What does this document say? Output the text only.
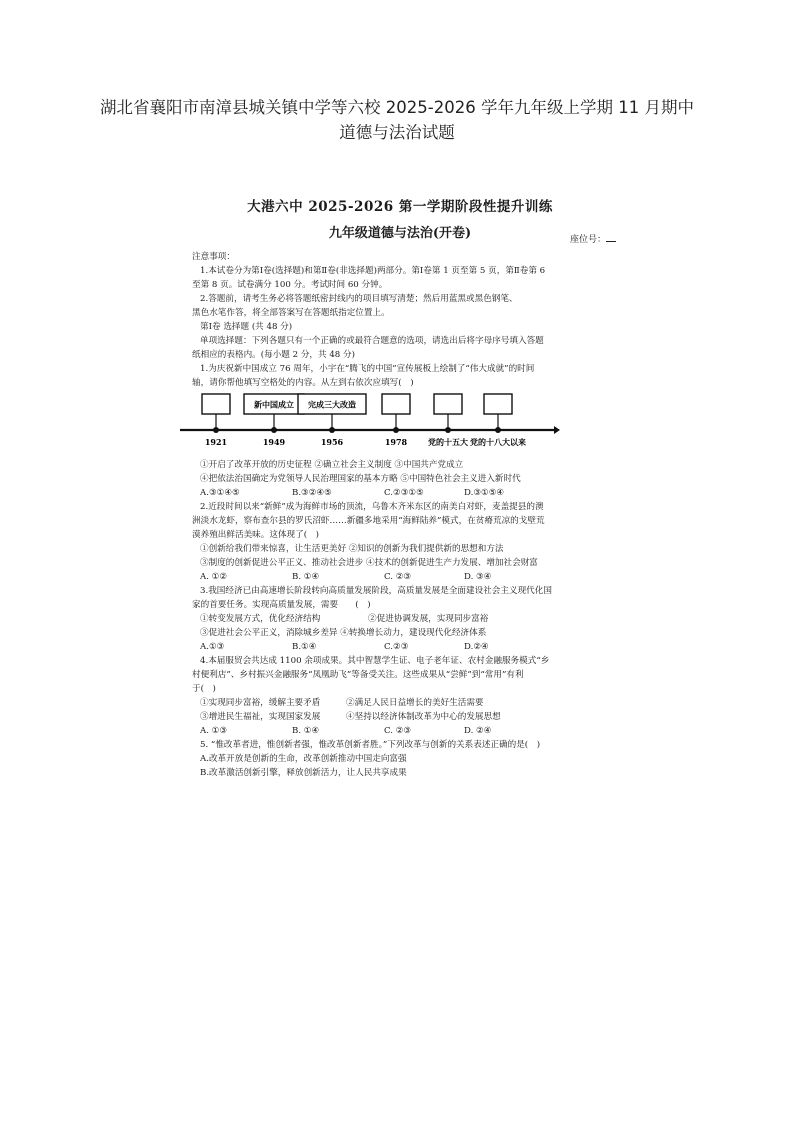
湖北省襄阳市南漳县城关镇中学等六校 2025-2026 学年九年级上学期 11 月期中
道德与法治试题
大港六中 2025-2026 第一学期阶段性提升训练
九年级道德与法治(开卷)	座位号：
注意事项：
1.本试卷分为第Ⅰ卷(选择题)和第Ⅱ卷(非选择题)两部分。第Ⅰ卷第 1 页至第 5 页，第Ⅱ卷第 6
至第 8 页。试卷满分 100 分。考试时间 60 分钟。
2.答题前，请考生务必将答题纸密封线内的项目填写清楚；然后用蓝黑或黑色钢笔、
黑色水笔作答，将全部答案写在答题纸指定位置上。
第Ⅰ卷 选择题 (共 48 分)
单项选择题：下列各题只有一个正确的或最符合题意的选项，请选出后将字母序号填入答题
纸相应的表格内。(每小题 2 分，共 48 分)
1.为庆祝新中国成立 76 周年，小宇在“腾飞的中国”宣传展板上绘制了“伟大成就”的时间
轴，请你帮他填写空格处的内容。从左到右依次应填写(　)
1921
新中国成立
1949
完成三大改造
1956	1978	党的十五大 党的十八大以来
①开启了改革开放的历史征程 ②确立社会主义制度 ③中国共产党成立
④把依法治国确定为党领导人民治理国家的基本方略 ⑤中国特色社会主义进入新时代
A.③①④⑤	B.③②④⑤	C.②③①⑤	D.③①⑤④
2.近段时间以来“新鲜”成为海鲜市场的顶流，乌鲁木齐米东区的南美白对虾，麦盖提县的澳
洲淡水龙虾，察布查尔县的罗氏沼虾……新疆多地采用“海鲜陆养”模式，在贫瘠荒凉的戈壁荒
漠养殖出鲜活美味。这体现了(　)
①创新给我们带来惊喜，让生活更美好 ②知识的创新为我们提供新的思想和方法
③制度的创新促进公平正义、推动社会进步 ④技术的创新促进生产力发展、增加社会财富
A. ①②	B. ①④	C. ②③	D. ③④
3.我国经济已由高速增长阶段转向高质量发展阶段，高质量发展是全面建设社会主义现代化国
家的首要任务。实现高质量发展，需要　　(　)
①转变发展方式，优化经济结构	②促进协调发展，实现同步富裕
③促进社会公平正义，消除城乡差异 ④转换增长动力，建设现代化经济体系
A.①③	B.①④	C.②③	D.②④
4.本届服贸会共达成 1100 余项成果。其中智慧学生证、电子老年证、农村金融服务模式“乡
村便利店”、乡村振兴金融服务“凤凰助飞”等备受关注。这些成果从“尝鲜”到“常用”有利
于(　)
①实现同步富裕，缓解主要矛盾	②满足人民日益增长的美好生活需要
③增进民生福祉，实现国家发展	④坚持以经济体制改革为中心的发展思想
A. ①③	B. ①④	C. ②③	D. ②④
5. “惟改革者进，惟创新者强，惟改革创新者胜。”下列改革与创新的关系表述正确的是(　)
A.改革开放是创新的生命，改革创新推动中国走向富强
B.改革激活创新引擎，释放创新活力，让人民共享成果
